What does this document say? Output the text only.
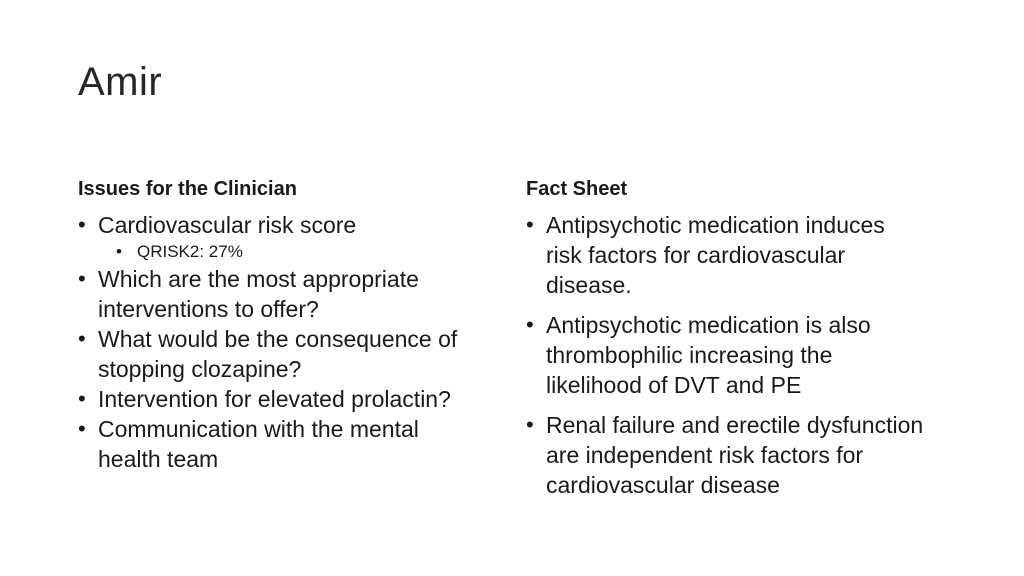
Amir
Issues for the Clinician
• Cardiovascular risk score
• QRISK2: 27%
• Which are the most appropriate interventions to offer?
• What would be the consequence of stopping clozapine?
• Intervention for elevated prolactin?
• Communication with the mental health team
Fact Sheet
• Antipsychotic medication induces risk factors for cardiovascular disease.
• Antipsychotic medication is also thrombophilic increasing the likelihood of DVT and PE
• Renal failure and erectile dysfunction are independent risk factors for cardiovascular disease
